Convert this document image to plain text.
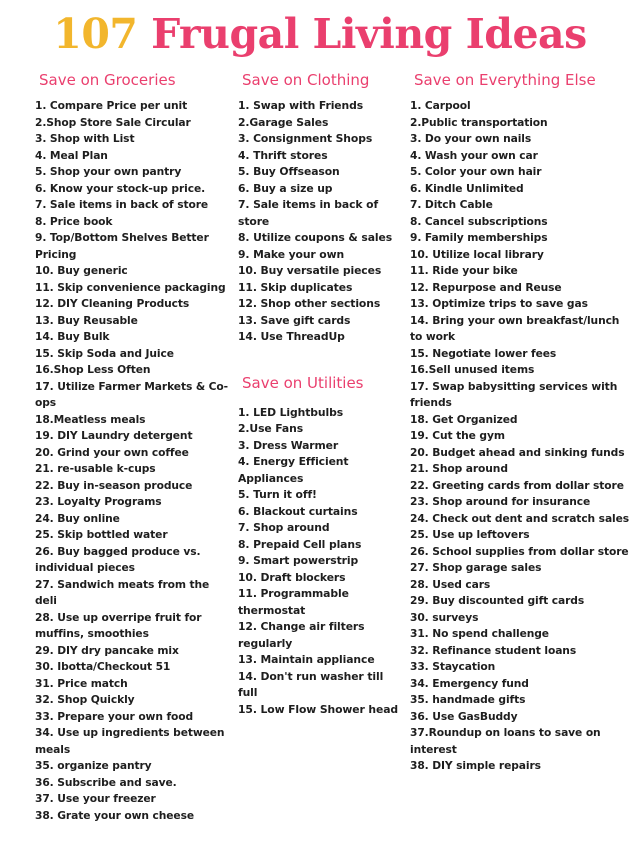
107 Frugal Living Ideas
Save on Groceries
1. Compare Price per unit
2.Shop Store Sale Circular
3. Shop with List
4. Meal Plan
5. Shop your own pantry
6. Know your stock-up price.
7. Sale items in back of store
8. Price book
9. Top/Bottom Shelves Better Pricing
10. Buy generic
11. Skip convenience packaging
12. DIY Cleaning Products
13. Buy Reusable
14. Buy Bulk
15. Skip Soda and Juice
16.Shop Less Often
17. Utilize Farmer Markets & Co-ops
18.Meatless meals
19. DIY Laundry detergent
20. Grind your own coffee
21. re-usable k-cups
22. Buy in-season produce
23. Loyalty Programs
24. Buy online
25. Skip bottled water
26. Buy bagged produce vs. individual pieces
27. Sandwich meats from the deli
28. Use up overripe fruit for muffins, smoothies
29. DIY dry pancake mix
30. Ibotta/Checkout 51
31. Price match
32. Shop Quickly
33. Prepare your own food
34. Use up ingredients between meals
35. organize pantry
36. Subscribe and save.
37. Use your freezer
38. Grate your own cheese
Save on Clothing
1. Swap with Friends
2.Garage Sales
3. Consignment Shops
4. Thrift stores
5. Buy Offseason
6. Buy a size up
7. Sale items in back of store
8. Utilize coupons & sales
9. Make your own
10. Buy versatile pieces
11. Skip duplicates
12. Shop other sections
13. Save gift cards
14. Use ThreadUp
Save on Utilities
1. LED Lightbulbs
2.Use Fans
3. Dress Warmer
4. Energy Efficient Appliances
5. Turn it off!
6. Blackout curtains
7. Shop around
8. Prepaid Cell plans
9. Smart powerstrip
10. Draft blockers
11. Programmable thermostat
12. Change air filters regularly
13. Maintain appliance
14. Don't run washer till full
15. Low Flow Shower head
Save on Everything Else
1. Carpool
2.Public transportation
3. Do your own nails
4. Wash your own car
5. Color your own hair
6. Kindle Unlimited
7. Ditch Cable
8. Cancel subscriptions
9. Family memberships
10. Utilize local library
11. Ride your bike
12. Repurpose and Reuse
13. Optimize trips to save gas
14. Bring your own breakfast/lunch to work
15. Negotiate lower fees
16.Sell unused items
17. Swap babysitting services with friends
18. Get Organized
19. Cut the gym
20. Budget ahead and sinking funds
21. Shop around
22. Greeting cards from dollar store
23. Shop around for insurance
24. Check out dent and scratch sales
25. Use up leftovers
26. School supplies from dollar store
27. Shop garage sales
28. Used cars
29. Buy discounted gift cards
30. surveys
31. No spend challenge
32. Refinance student loans
33. Staycation
34. Emergency fund
35. handmade gifts
36. Use GasBuddy
37.Roundup on loans to save on interest
38. DIY simple repairs
